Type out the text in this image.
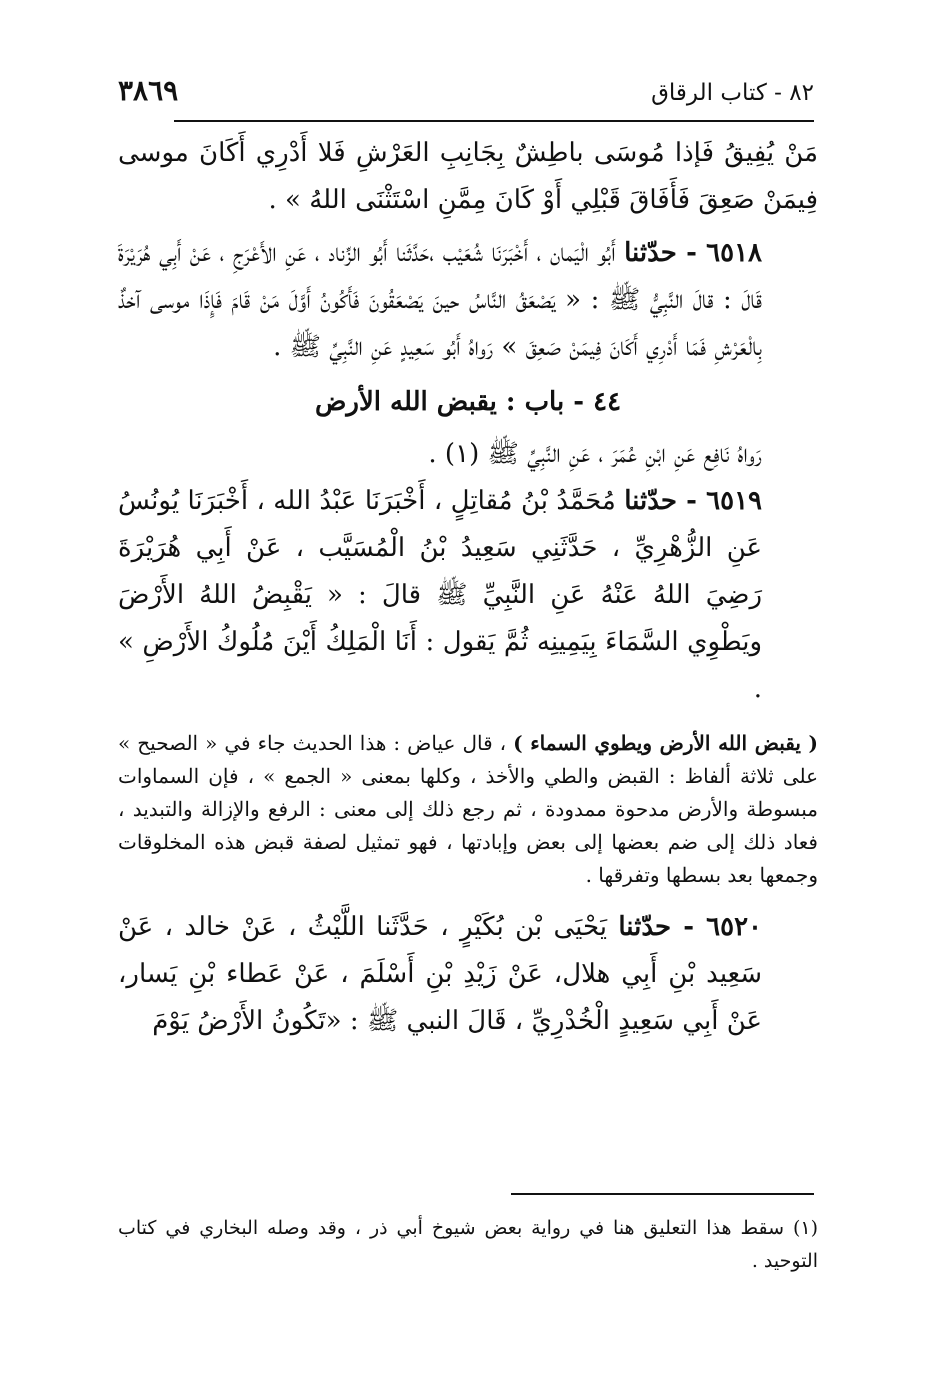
٨٢ - كتاب الرقاق
٣٨٦٩

مَنْ يُفِيقُ فَإذا مُوسَى باطِشٌ بِجَانِبِ العَرْشِ فَلا أَدْرِي أَكَانَ موسى فِيمَنْ صَعِقَ فَأَفَاقَ قَبْلِي أَوْ كَانَ مِمَّنِ اسْتَثْنَى اللهُ » .

٦٥١٨ - حدّثنا أَبُو الْيَمان ، أَخْبَرَنَا شُعَيْب ،حَدَّثَنا أَبُو الزِّناد ، عَنِ الأَعْرَجِ ، عَنْ أَبِي هُرَيْرَةَ قَالَ : قالَ النَّبِيُّ ﷺ : « يَصْعَقُ النَّاسُ حينَ يَصْعَقُونَ فَأَكُونُ أَوَّلَ مَنْ قَامَ فَإِذَا موسى آخذٌ بِالْعَرْشِ فَمَا أَدْرِي أَكَانَ فِيمَنْ صَعِقَ » رَواهُ أَبُو سَعِيدٍ عَنِ النَّبِيِّ ﷺ .

٤٤ - باب : يقبض الله الأرض

رَواهُ نَافِع عَنِ ابْنِ عُمَرَ ، عَنِ النَّبِيِّ ﷺ (١) .

٦٥١٩ - حدّثنا مُحَمَّدُ بْنُ مُقاتِلٍ ، أَخْبَرَنَا عَبْدُ الله ، أَخْبَرَنَا يُونُسُ عَنِ الزُّهْرِيِّ ، حَدَّثَنِي سَعِيدُ بْنُ الْمُسَيَّب ، عَنْ أَبِي هُرَيْرَةَ رَضِيَ اللهُ عَنْهُ عَنِ النَّبِيِّ ﷺ قالَ : « يَقْبِضُ اللهُ الأَرْضَ ويَطْوِي السَّمَاءَ بِيَمِينِه ثُمَّ يَقول : أَنَا الْمَلِكُ أَيْنَ مُلُوكُ الأَرْضِ » .

( يقبض الله الأرض ويطوي السماء ) ، قال عياض : هذا الحديث جاء في « الصحيح » على ثلاثة ألفاظ : القبض والطي والأخذ ، وكلها بمعنى « الجمع » ، فإن السماوات مبسوطة والأرض مدحوة ممدودة ، ثم رجع ذلك إلى معنى : الرفع والإزالة والتبديد ، فعاد ذلك إلى ضم بعضها إلى بعض وإبادتها ، فهو تمثيل لصفة قبض هذه المخلوقات وجمعها بعد بسطها وتفرقها .

٦٥٢٠ - حدّثنا يَحْيَى بْن بُكَيْرٍ ، حَدَّثَنا اللَّيْثُ ، عَنْ خالد ، عَنْ سَعِيد بْنِ أَبِي هلال، عَنْ زَيْدِ بْنِ أَسْلَمَ ، عَنْ عَطاء بْنِ يَسار، عَنْ أَبِي سَعِيدٍ الْخُدْرِيِّ ، قَالَ النبي ﷺ : «تَكُونُ الأَرْضُ يَوْمَ

(١) سقط هذا التعليق هنا في رواية بعض شيوخ أبي ذر ، وقد وصله البخاري في كتاب التوحيد .
